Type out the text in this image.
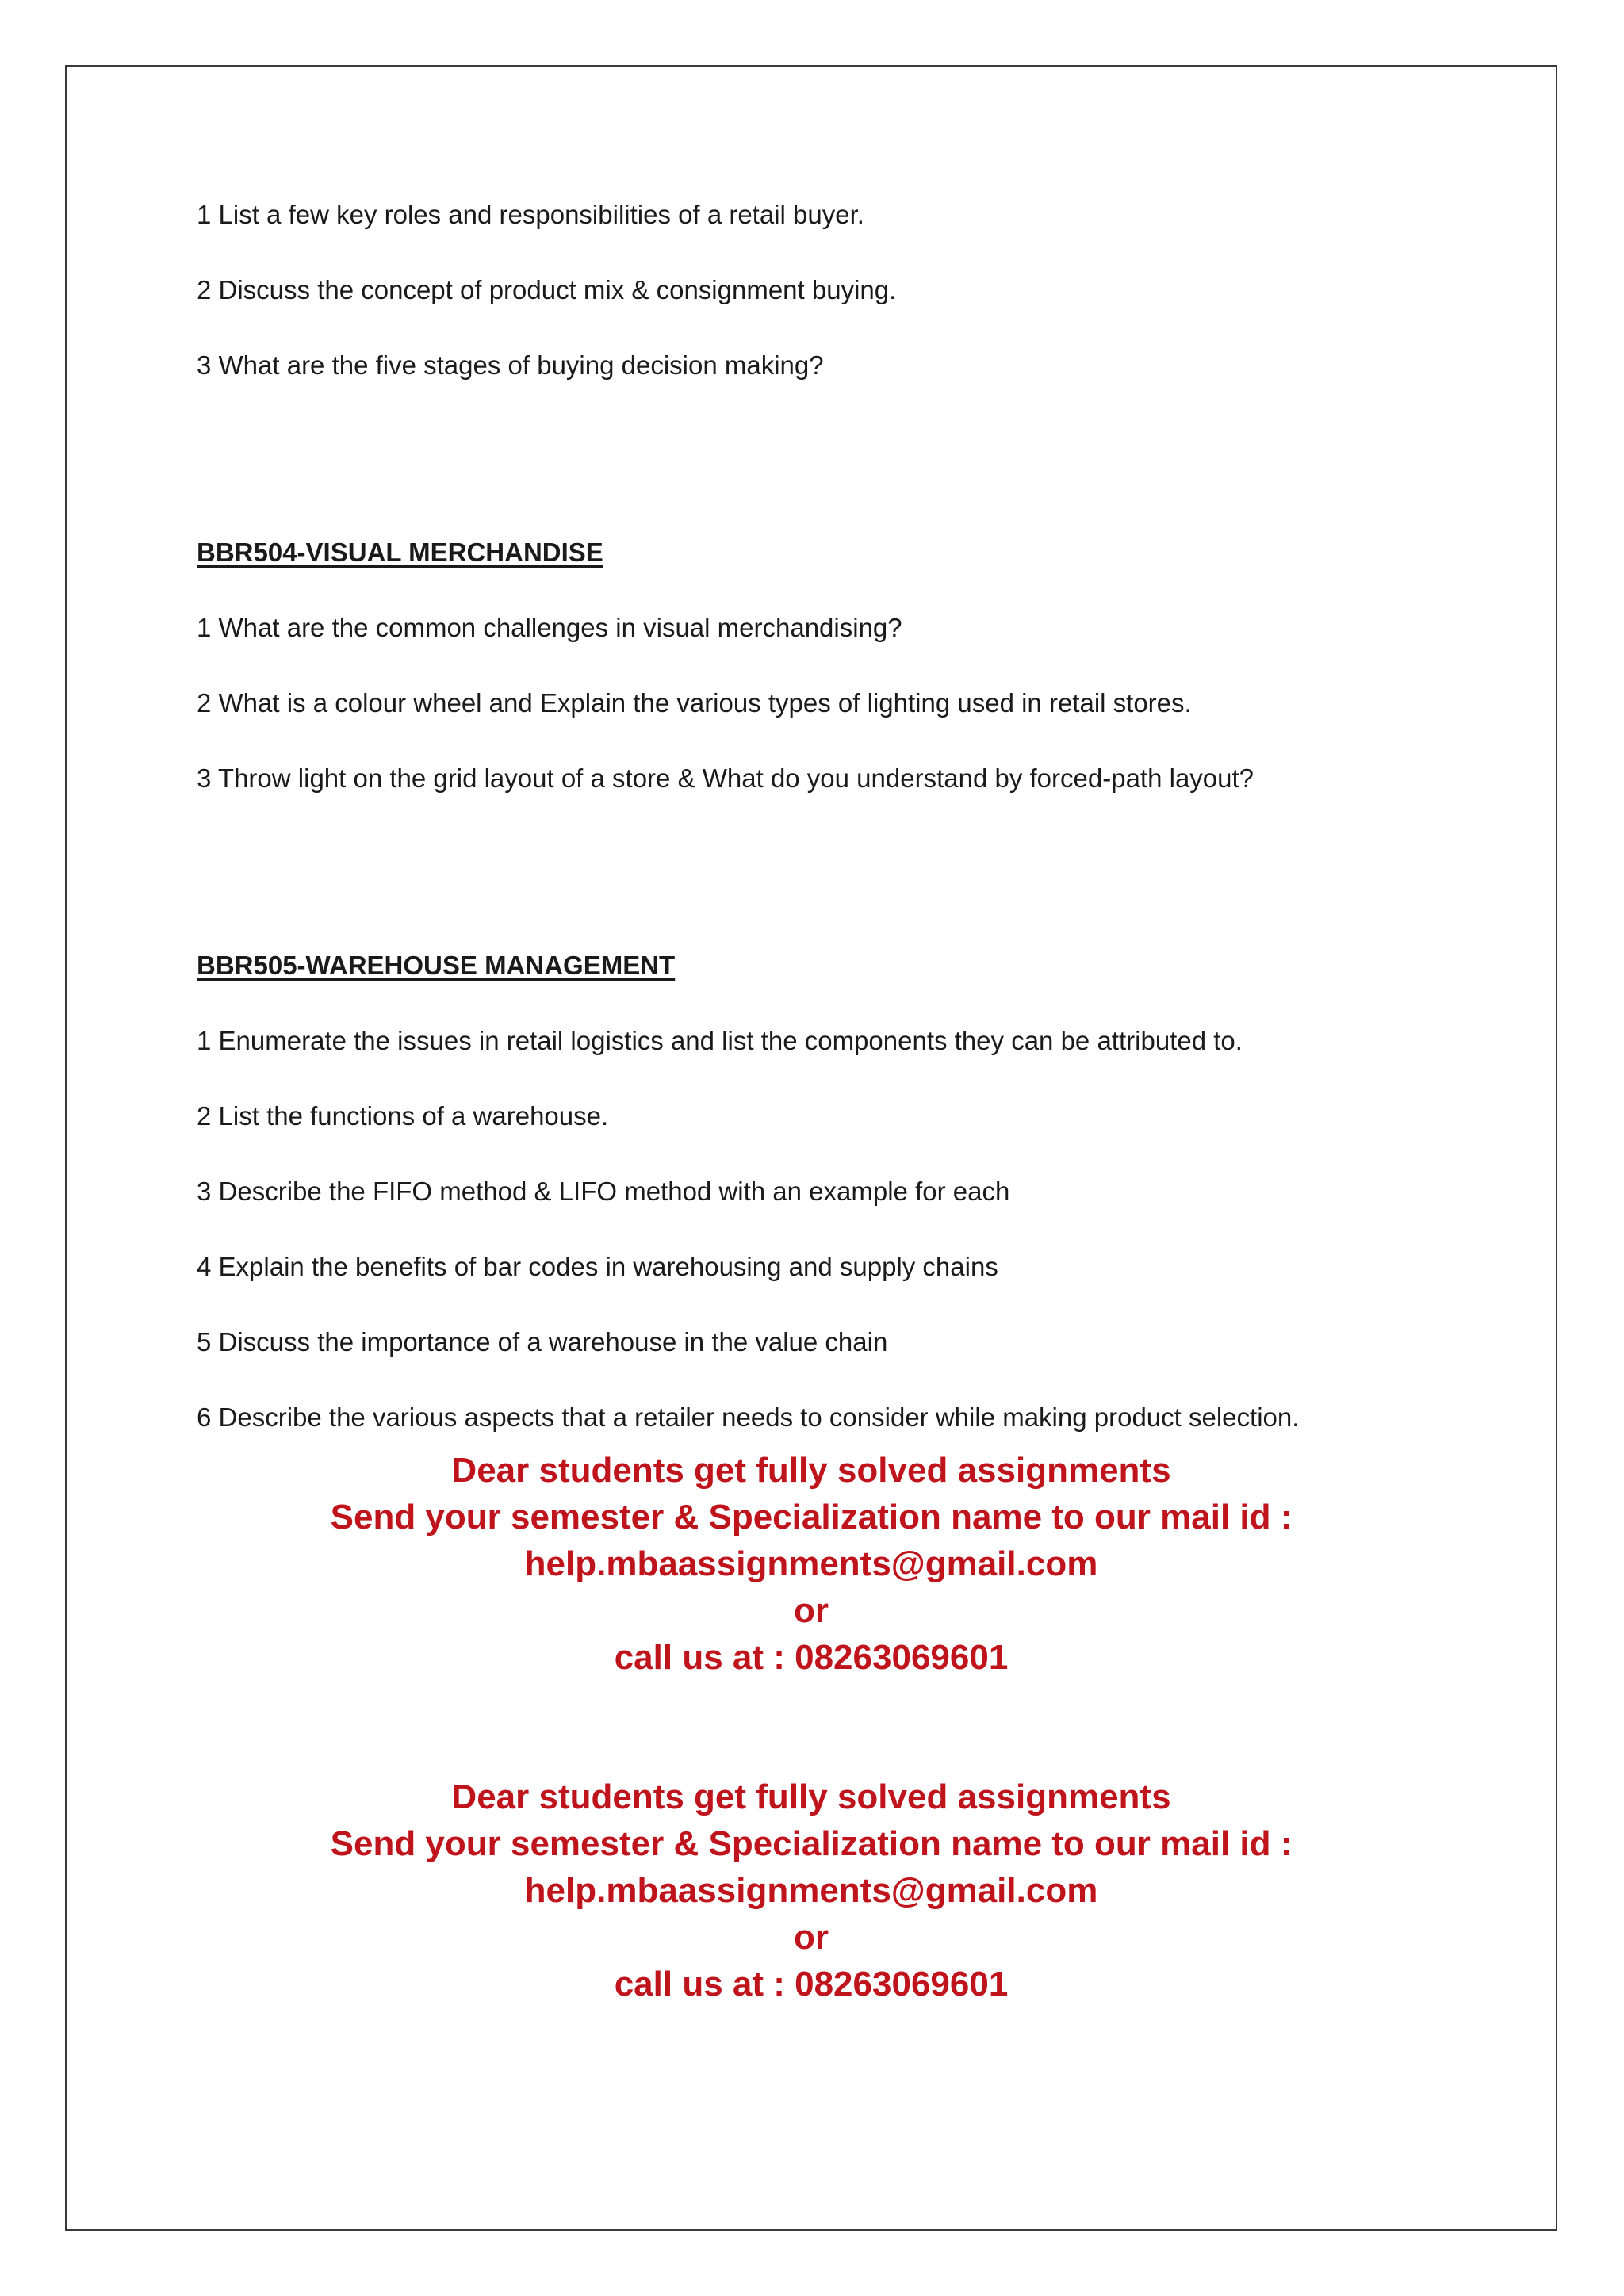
1 List a few key roles and responsibilities of a retail buyer.
2 Discuss the concept of product mix & consignment buying.
3 What are the five stages of buying decision making?
BBR504-VISUAL MERCHANDISE
1 What are the common challenges in visual merchandising?
2 What is a colour wheel and Explain the various types of lighting used in retail stores.
3 Throw light on the grid layout of a store & What do you understand by forced-path layout?
BBR505-WAREHOUSE MANAGEMENT
1 Enumerate the issues in retail logistics and list the components they can be attributed to.
2 List the functions of a warehouse.
3 Describe the FIFO method & LIFO method with an example for each
4 Explain the benefits of bar codes in warehousing and supply chains
5 Discuss the importance of a warehouse in the value chain
6 Describe the various aspects that a retailer needs to consider while making product selection.
Dear students get fully solved assignments
Send your semester & Specialization name to our mail id :
help.mbaassignments@gmail.com
or
call us at : 08263069601
Dear students get fully solved assignments
Send your semester & Specialization name to our mail id :
help.mbaassignments@gmail.com
or
call us at : 08263069601
